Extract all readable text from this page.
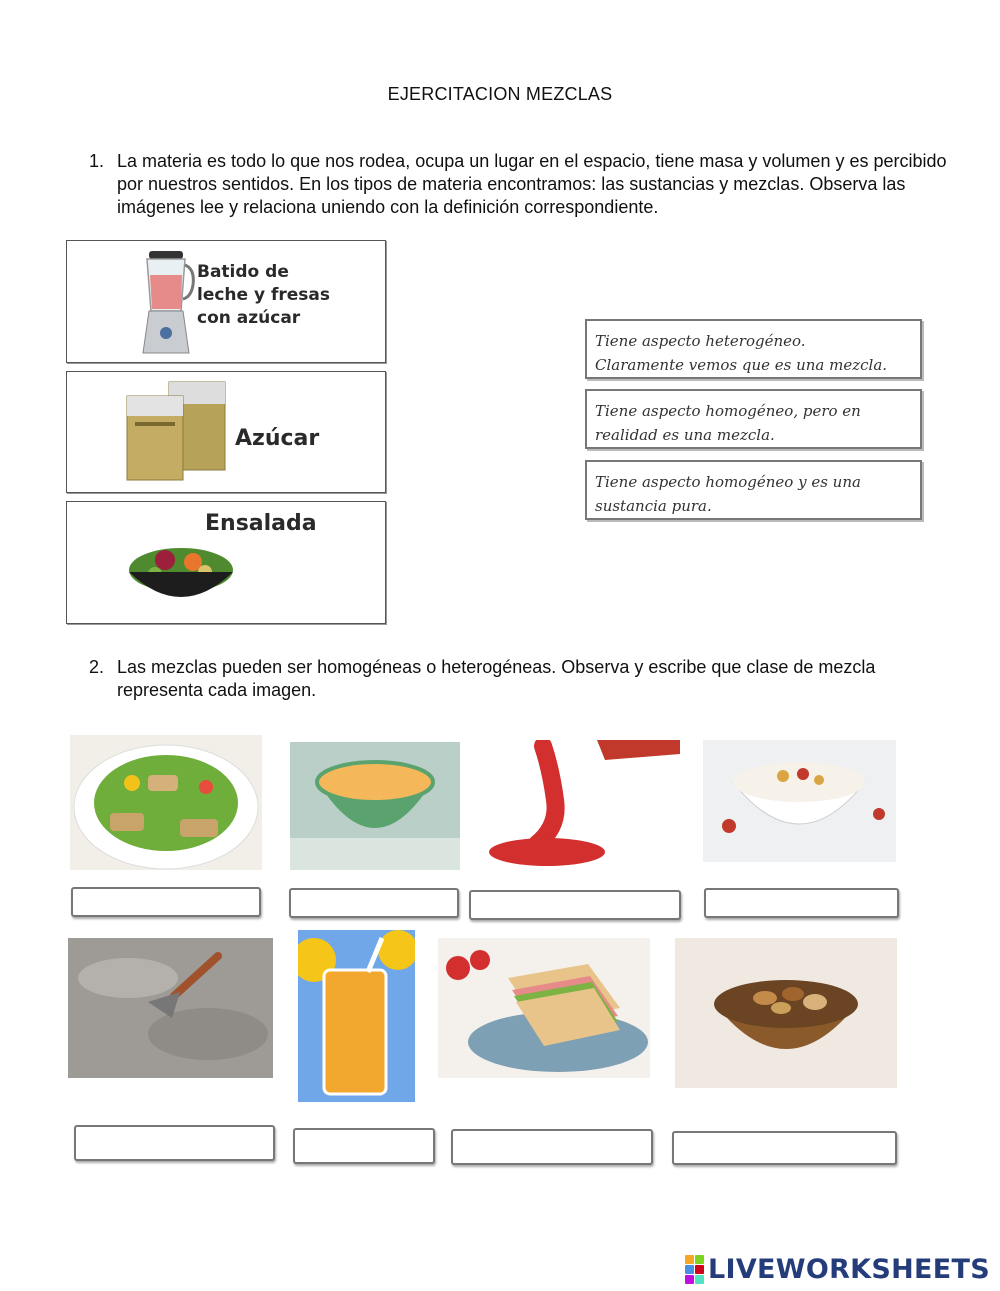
EJERCITACION MEZCLAS
1. La materia es todo lo que nos rodea, ocupa un lugar en el espacio, tiene masa y volumen y es percibido por nuestros sentidos. En los tipos de materia encontramos: las sustancias y mezclas. Observa las imágenes lee y relaciona uniendo con la definición correspondiente.
Batido de
leche y fresas
con azúcar
Azúcar
Ensalada
Tiene aspecto heterogéneo.
Claramente vemos que es una mezcla.
Tiene aspecto homogéneo, pero en
realidad es una mezcla.
Tiene aspecto homogéneo y es una
sustancia pura.
2. Las mezclas pueden ser homogéneas o heterogéneas. Observa y escribe que clase de mezcla representa cada imagen.
LIVEWORKSHEETS
